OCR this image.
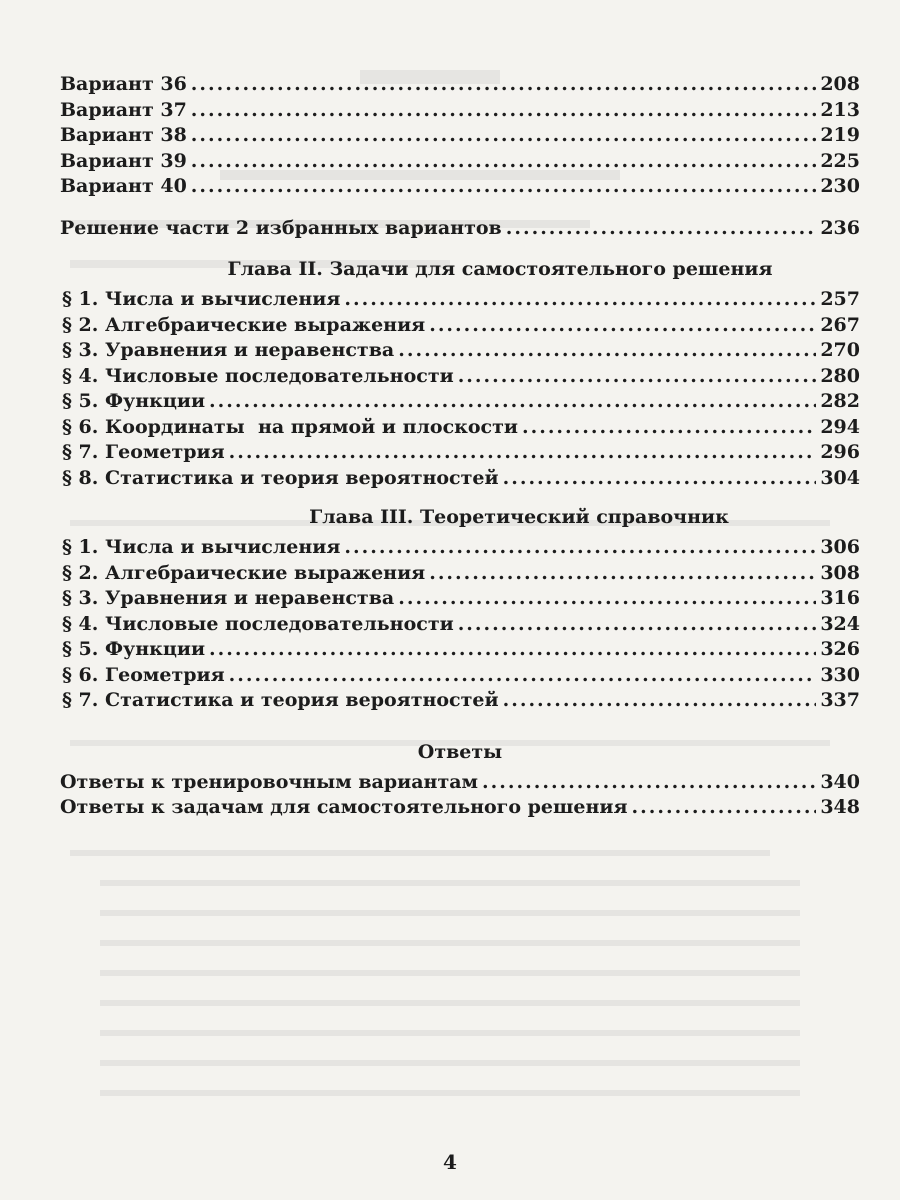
Вариант 36 .....	208
Вариант 37 .....	213
Вариант 38 .....	219
Вариант 39 .....	225
Вариант 40 .....	230
Решение части 2 избранных вариантов .....	236
Глава II. Задачи для самостоятельного решения
§ 1. Числа и вычисления .....	257
§ 2. Алгебраические выражения .....	267
§ 3. Уравнения и неравенства .....	270
§ 4. Числовые последовательности .....	280
§ 5. Функции .....	282
§ 6. Координаты  на прямой и плоскости .....	294
§ 7. Геометрия .....	296
§ 8. Статистика и теория вероятностей .....	304
Глава III. Теоретический справочник
§ 1. Числа и вычисления .....	306
§ 2. Алгебраические выражения .....	308
§ 3. Уравнения и неравенства .....	316
§ 4. Числовые последовательности .....	324
§ 5. Функции .....	326
§ 6. Геометрия .....	330
§ 7. Статистика и теория вероятностей .....	337
Ответы
Ответы к тренировочным вариантам .....	340
Ответы к задачам для самостоятельного решения .....	348
4
